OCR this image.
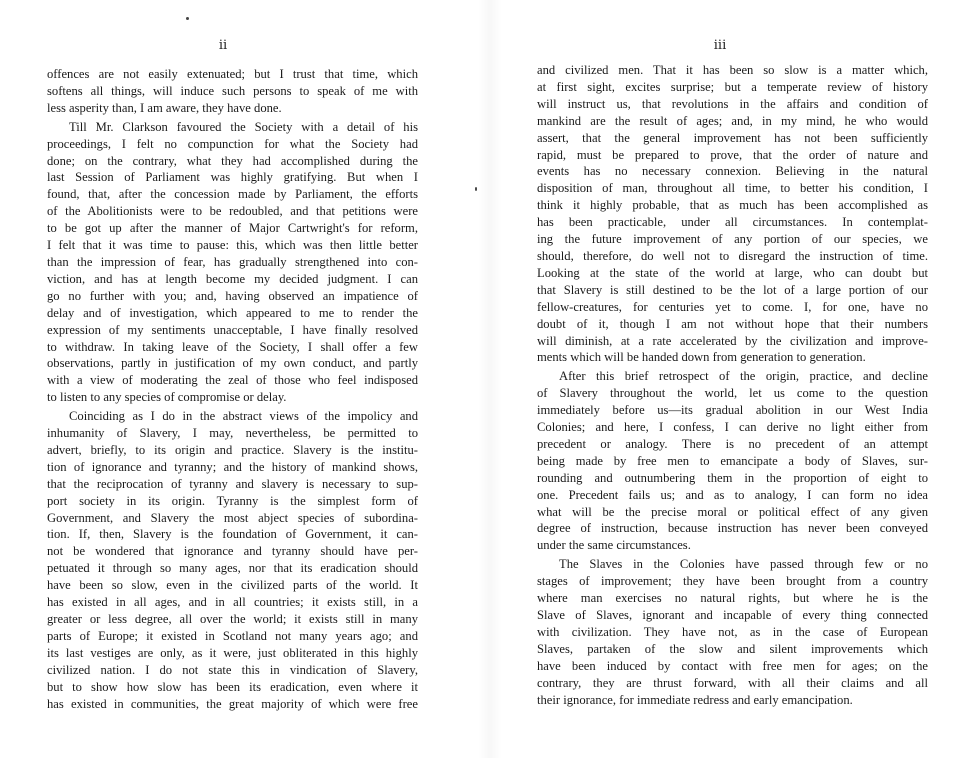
ii
offences are not easily extenuated; but I trust that time, which
softens all things, will induce such persons to speak of me with
less asperity than, I am aware, they have done.
Till Mr. Clarkson favoured the Society with a detail of his
proceedings, I felt no compunction for what the Society had
done; on the contrary, what they had accomplished during the
last Session of Parliament was highly gratifying. But when I
found, that, after the concession made by Parliament, the efforts
of the Abolitionists were to be redoubled, and that petitions were
to be got up after the manner of Major Cartwright's for reform,
I felt that it was time to pause: this, which was then little better
than the impression of fear, has gradually strengthened into con-
viction, and has at length become my decided judgment. I can
go no further with you; and, having observed an impatience of
delay and of investigation, which appeared to me to render the
expression of my sentiments unacceptable, I have finally resolved
to withdraw. In taking leave of the Society, I shall offer a few
observations, partly in justification of my own conduct, and partly
with a view of moderating the zeal of those who feel indisposed
to listen to any species of compromise or delay.
Coinciding as I do in the abstract views of the impolicy and
inhumanity of Slavery, I may, nevertheless, be permitted to
advert, briefly, to its origin and practice. Slavery is the institu-
tion of ignorance and tyranny; and the history of mankind shows,
that the reciprocation of tyranny and slavery is necessary to sup-
port society in its origin. Tyranny is the simplest form of
Government, and Slavery the most abject species of subordina-
tion. If, then, Slavery is the foundation of Government, it can-
not be wondered that ignorance and tyranny should have per-
petuated it through so many ages, nor that its eradication should
have been so slow, even in the civilized parts of the world. It
has existed in all ages, and in all countries; it exists still, in a
greater or less degree, all over the world; it exists still in many
parts of Europe; it existed in Scotland not many years ago; and
its last vestiges are only, as it were, just obliterated in this highly
civilized nation. I do not state this in vindication of Slavery,
but to show how slow has been its eradication, even where it
has existed in communities, the great majority of which were free
iii
and civilized men. That it has been so slow is a matter which,
at first sight, excites surprise; but a temperate review of history
will instruct us, that revolutions in the affairs and condition of
mankind are the result of ages; and, in my mind, he who would
assert, that the general improvement has not been sufficiently
rapid, must be prepared to prove, that the order of nature and
events has no necessary connexion. Believing in the natural
disposition of man, throughout all time, to better his condition, I
think it highly probable, that as much has been accomplished as
has been practicable, under all circumstances. In contemplat-
ing the future improvement of any portion of our species, we
should, therefore, do well not to disregard the instruction of time.
Looking at the state of the world at large, who can doubt but
that Slavery is still destined to be the lot of a large portion of our
fellow-creatures, for centuries yet to come. I, for one, have no
doubt of it, though I am not without hope that their numbers
will diminish, at a rate accelerated by the civilization and improve-
ments which will be handed down from generation to generation.
After this brief retrospect of the origin, practice, and decline
of Slavery throughout the world, let us come to the question
immediately before us—its gradual abolition in our West India
Colonies; and here, I confess, I can derive no light either from
precedent or analogy. There is no precedent of an attempt
being made by free men to emancipate a body of Slaves, sur-
rounding and outnumbering them in the proportion of eight to
one. Precedent fails us; and as to analogy, I can form no idea
what will be the precise moral or political effect of any given
degree of instruction, because instruction has never been conveyed
under the same circumstances.
The Slaves in the Colonies have passed through few or no
stages of improvement; they have been brought from a country
where man exercises no natural rights, but where he is the
Slave of Slaves, ignorant and incapable of every thing connected
with civilization. They have not, as in the case of European
Slaves, partaken of the slow and silent improvements which
have been induced by contact with free men for ages; on the
contrary, they are thrust forward, with all their claims and all
their ignorance, for immediate redress and early emancipation.
